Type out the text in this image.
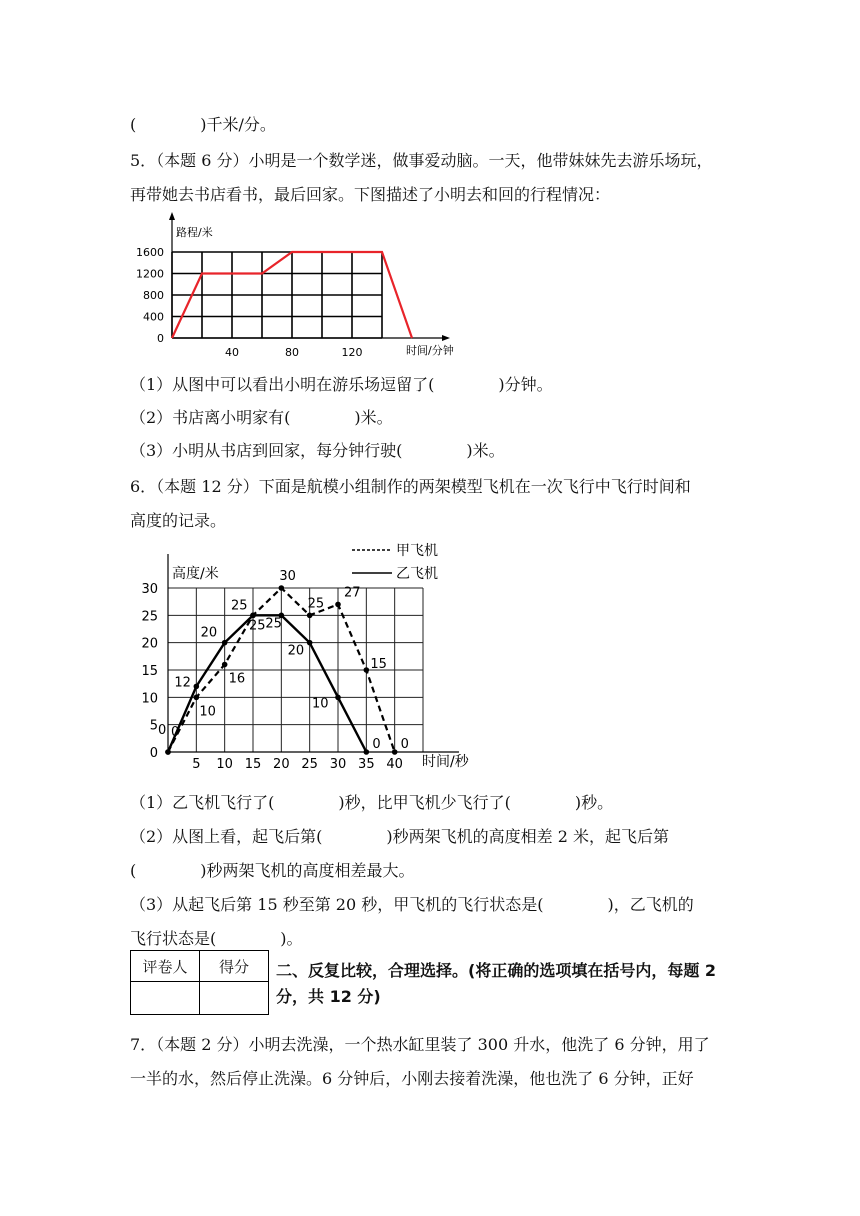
(　　　　)千米/分。
5．（本题 6 分）小明是一个数学迷，做事爱动脑。一天，他带妹妹先去游乐场玩，
再带她去书店看书，最后回家。下图描述了小明去和回的行程情况：
0
400
800
1200
1600
40	80	120
路程/米
时间/分钟
（1）从图中可以看出小明在游乐场逗留了(　　　　)分钟。
（2）书店离小明家有(　　　　)米。
（3）小明从书店到回家，每分钟行驶(　　　　)米。
6．（本题 12 分）下面是航模小组制作的两架模型飞机在一次飞行中飞行时间和
高度的记录。
0
5
10
15
20
25
30
5 10 15 20 25 30 35 40
0
10
16
25
30
25
27
15
0
0
12
20 25 25
20
10
0
甲飞机
乙飞机
高度/米
时间/秒
（1）乙飞机飞行了(　　　　)秒，比甲飞机少飞行了(　　　　)秒。
（2）从图上看，起飞后第(　　　　)秒两架飞机的高度相差 2 米，起飞后第
(　　　　)秒两架飞机的高度相差最大。
（3）从起飞后第 15 秒至第 20 秒，甲飞机的飞行状态是(　　　　)，乙飞机的
飞行状态是(　　　　)。
评卷人	得分
	二、反复比较，合理选择。(将正确的选项填在括号内，每题 2 分，共 12 分)
7．（本题 2 分）小明去洗澡，一个热水缸里装了 300 升水，他洗了 6 分钟，用了
一半的水，然后停止洗澡。6 分钟后，小刚去接着洗澡，他也洗了 6 分钟，正好
